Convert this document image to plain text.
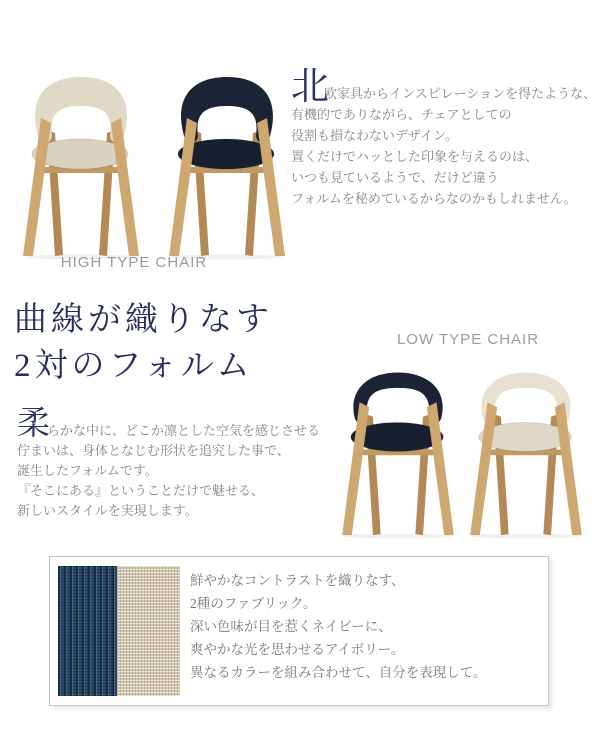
HIGH TYPE CHAIR
北
欧家具からインスピレーションを得たような、
有機的でありながら、チェアとしての
役割も損なわないデザイン。
置くだけでハッとした印象を与えるのは、
いつも見ているようで、だけど違う
フォルムを秘めているからなのかもしれません。
曲線が織りなす
2対のフォルム
LOW TYPE CHAIR
柔
らかな中に、どこか凛とした空気を感じさせる
佇まいは、身体となじむ形状を追究した事で、
誕生したフォルムです。
『そこにある』ということだけで魅せる、
新しいスタイルを実現します。
鮮やかなコントラストを織りなす、
2種のファブリック。
深い色味が目を惹くネイビーに、
爽やかな光を思わせるアイボリー。
異なるカラーを組み合わせて、自分を表現して。
